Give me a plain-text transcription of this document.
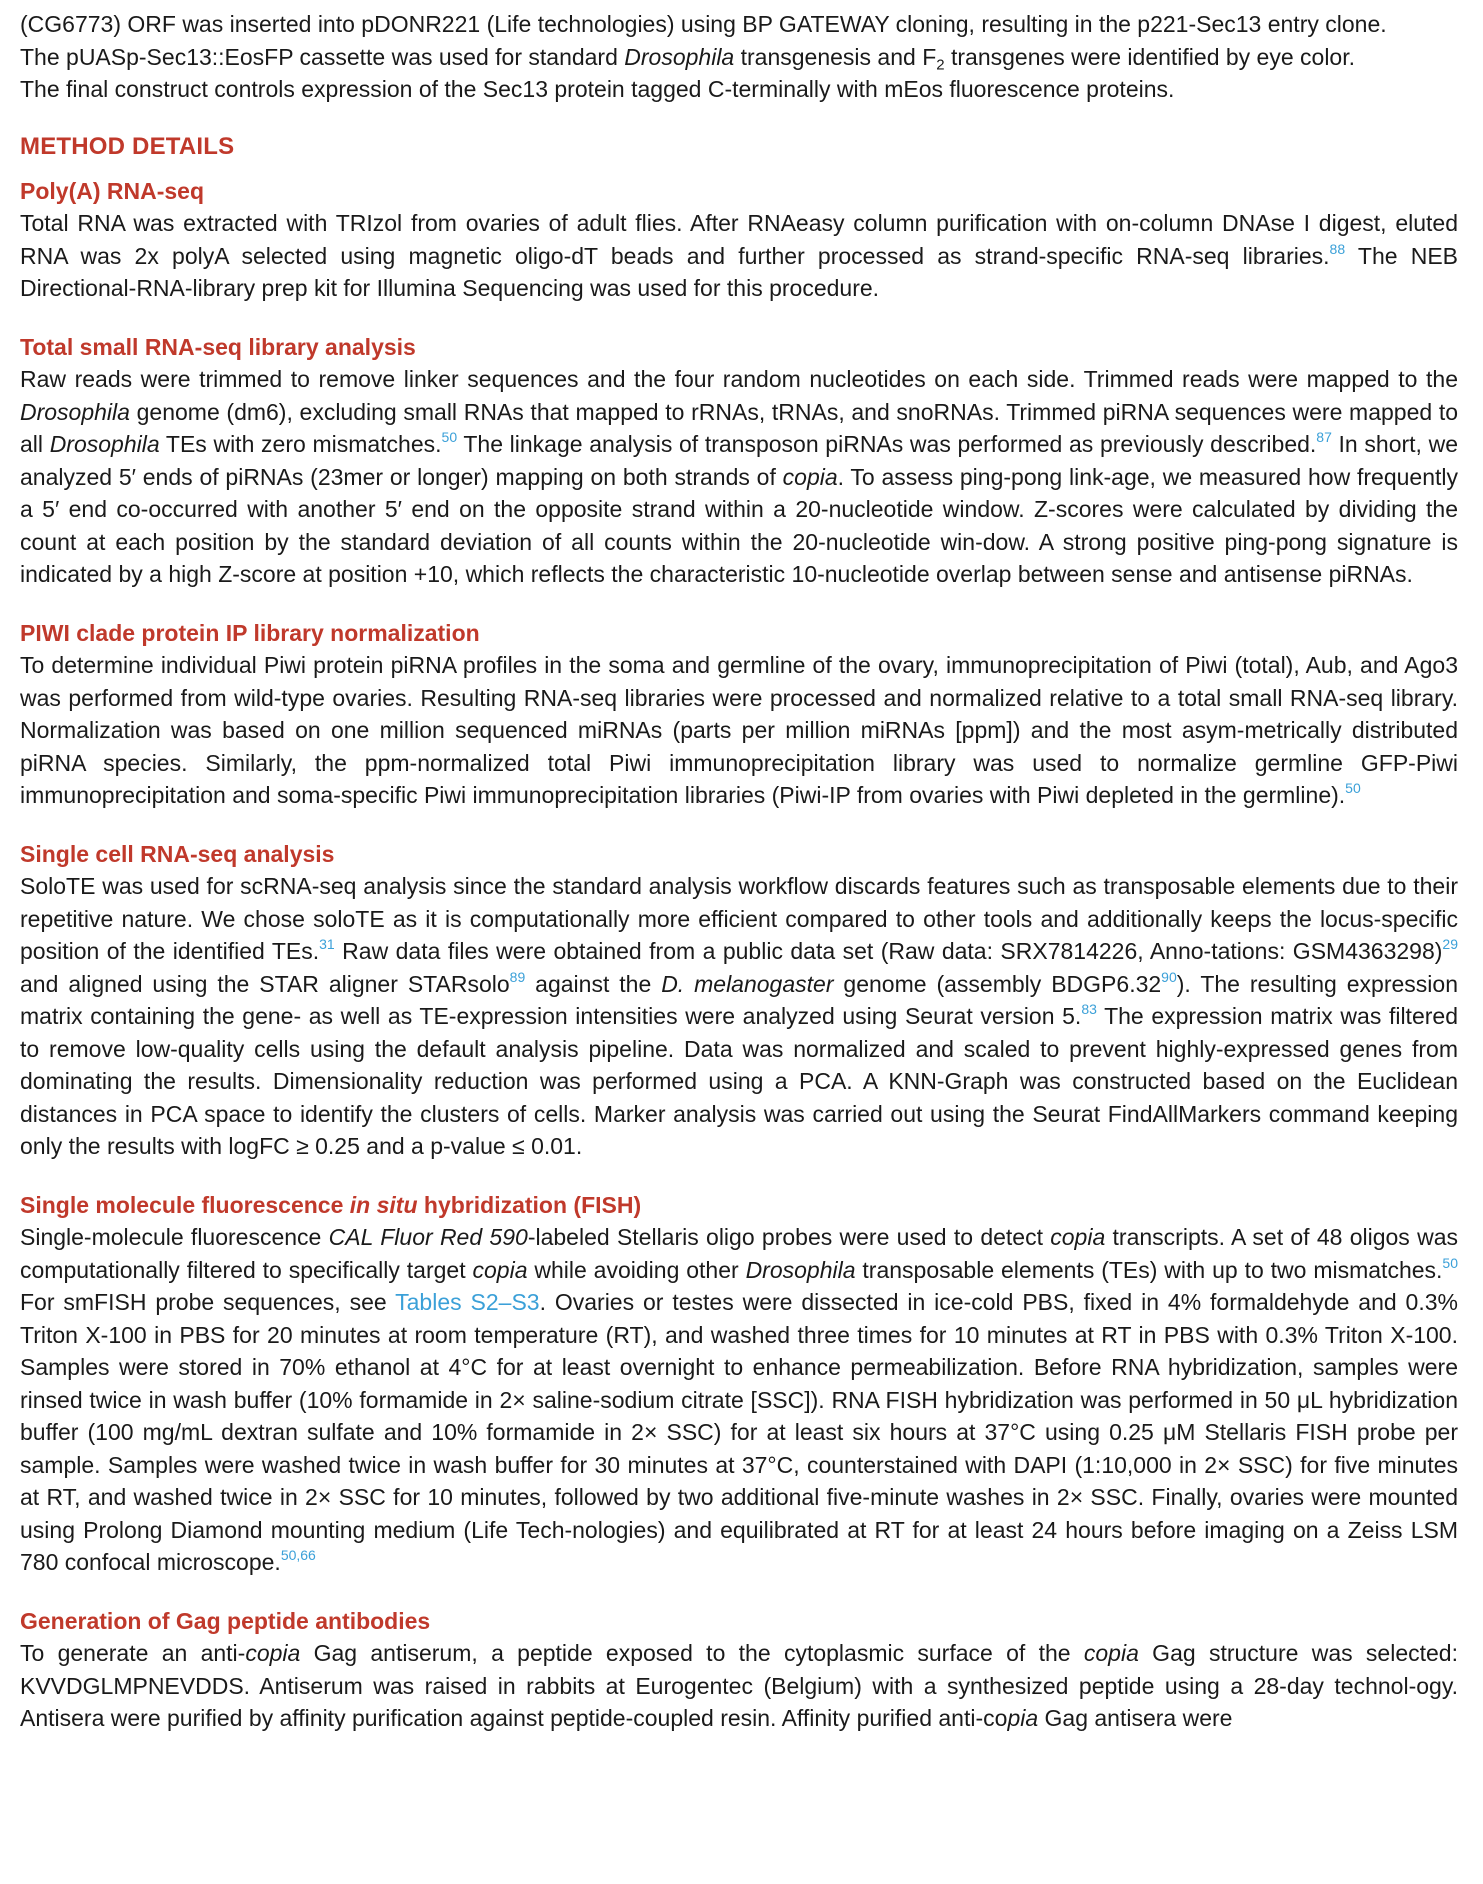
(CG6773) ORF was inserted into pDONR221 (Life technologies) using BP GATEWAY cloning, resulting in the p221-Sec13 entry clone.
The pUASp-Sec13::EosFP cassette was used for standard Drosophila transgenesis and $F_2$ transgenes were identified by eye color.
The final construct controls expression of the Sec13 protein tagged C-terminally with mEos fluorescence proteins.

METHOD DETAILS
Poly(A) RNA-seq

Total RNA was extracted with TRIzol from ovaries of adult flies. After RNAeasy column purification with on-column DNAse I digest, eluted RNA was 2x polyA selected using magnetic oligo-dT beads and further processed as strand-specific RNA-seq libraries.$^{88}$ The NEB Directional-RNA-library prep kit for Illumina Sequencing was used for this procedure.

Total small RNA-seq library analysis

Raw reads were trimmed to remove linker sequences and the four random nucleotides on each side. Trimmed reads were mapped to the Drosophila genome (dm6), excluding small RNAs that mapped to rRNAs, tRNAs, and snoRNAs. Trimmed piRNA sequences were mapped to all Drosophila TEs with zero mismatches.$^{50}$ The linkage analysis of transposon piRNAs was performed as previously described.$^{87}$ In short, we analyzed 5′ ends of piRNAs (23mer or longer) mapping on both strands of copia. To assess ping-pong link-age, we measured how frequently a 5′ end co-occurred with another 5′ end on the opposite strand within a 20-nucleotide window. Z-scores were calculated by dividing the count at each position by the standard deviation of all counts within the 20-nucleotide win-dow. A strong positive ping-pong signature is indicated by a high Z-score at position +10, which reflects the characteristic 10-nucleotide overlap between sense and antisense piRNAs.

PIWI clade protein IP library normalization

To determine individual Piwi protein piRNA profiles in the soma and germline of the ovary, immunoprecipitation of Piwi (total), Aub, and Ago3 was performed from wild-type ovaries. Resulting RNA-seq libraries were processed and normalized relative to a total small RNA-seq library. Normalization was based on one million sequenced miRNAs (parts per million miRNAs [ppm]) and the most asym-metrically distributed piRNA species. Similarly, the ppm-normalized total Piwi immunoprecipitation library was used to normalize germline GFP-Piwi immunoprecipitation and soma-specific Piwi immunoprecipitation libraries (Piwi-IP from ovaries with Piwi depleted in the germline).$^{50}$

Single cell RNA-seq analysis

SoloTE was used for scRNA-seq analysis since the standard analysis workflow discards features such as transposable elements due to their repetitive nature. We chose soloTE as it is computationally more efficient compared to other tools and additionally keeps the locus-specific position of the identified TEs.$^{31}$ Raw data files were obtained from a public data set (Raw data: SRX7814226, Anno-tations: GSM4363298)$^{29}$ and aligned using the STAR aligner STARsolo$^{89}$ against the D. melanogaster genome (assembly BDGP6.32$^{90}$). The resulting expression matrix containing the gene- as well as TE-expression intensities were analyzed using Seurat version 5.83 The expression matrix was filtered to remove low-quality cells using the default analysis pipeline. Data was normalized and scaled to prevent highly-expressed genes from dominating the results. Dimensionality reduction was performed using a PCA. A KNN-Graph was constructed based on the Euclidean distances in PCA space to identify the clusters of cells. Marker analysis was carried out using the Seurat FindAllMarkers command keeping only the results with logFC ≥ 0.25 and a p-value ≤ 0.01.

Single molecule fluorescence in situ hybridization (FISH)

Single-molecule fluorescence CAL Fluor Red 590-labeled Stellaris oligo probes were used to detect copia transcripts. A set of 48 oligos was computationally filtered to specifically target copia while avoiding other Drosophila transposable elements (TEs) with up to two mismatches.$^{50}$ For smFISH probe sequences, see Tables S2–S3. Ovaries or testes were dissected in ice-cold PBS, fixed in 4% formaldehyde and 0.3% Triton X-100 in PBS for 20 minutes at room temperature (RT), and washed three times for 10 minutes at RT in PBS with 0.3% Triton X-100. Samples were stored in 70% ethanol at 4°C for at least overnight to enhance permeabilization. Before RNA hybridization, samples were rinsed twice in wash buffer (10% formamide in 2× saline-sodium citrate [SSC]). RNA FISH hybridization was performed in 50 μL hybridization buffer (100 mg/mL dextran sulfate and 10% formamide in 2× SSC) for at least six hours at 37°C using 0.25 μM Stellaris FISH probe per sample. Samples were washed twice in wash buffer for 30 minutes at 37°C, counterstained with DAPI (1:10,000 in 2× SSC) for five minutes at RT, and washed twice in 2× SSC for 10 minutes, followed by two additional five-minute washes in 2× SSC. Finally, ovaries were mounted using Prolong Diamond mounting medium (Life Tech-nologies) and equilibrated at RT for at least 24 hours before imaging on a Zeiss LSM 780 confocal microscope.$^{50,66}$

Generation of Gag peptide antibodies

To generate an anti-copia Gag antiserum, a peptide exposed to the cytoplasmic surface of the copia Gag structure was selected: KVVDGLMPNEVDDS. Antiserum was raised in rabbits at Eurogentec (Belgium) with a synthesized peptide using a 28-day technol-ogy. Antisera were purified by affinity purification against peptide-coupled resin. Affinity purified anti-copia Gag antisera were
